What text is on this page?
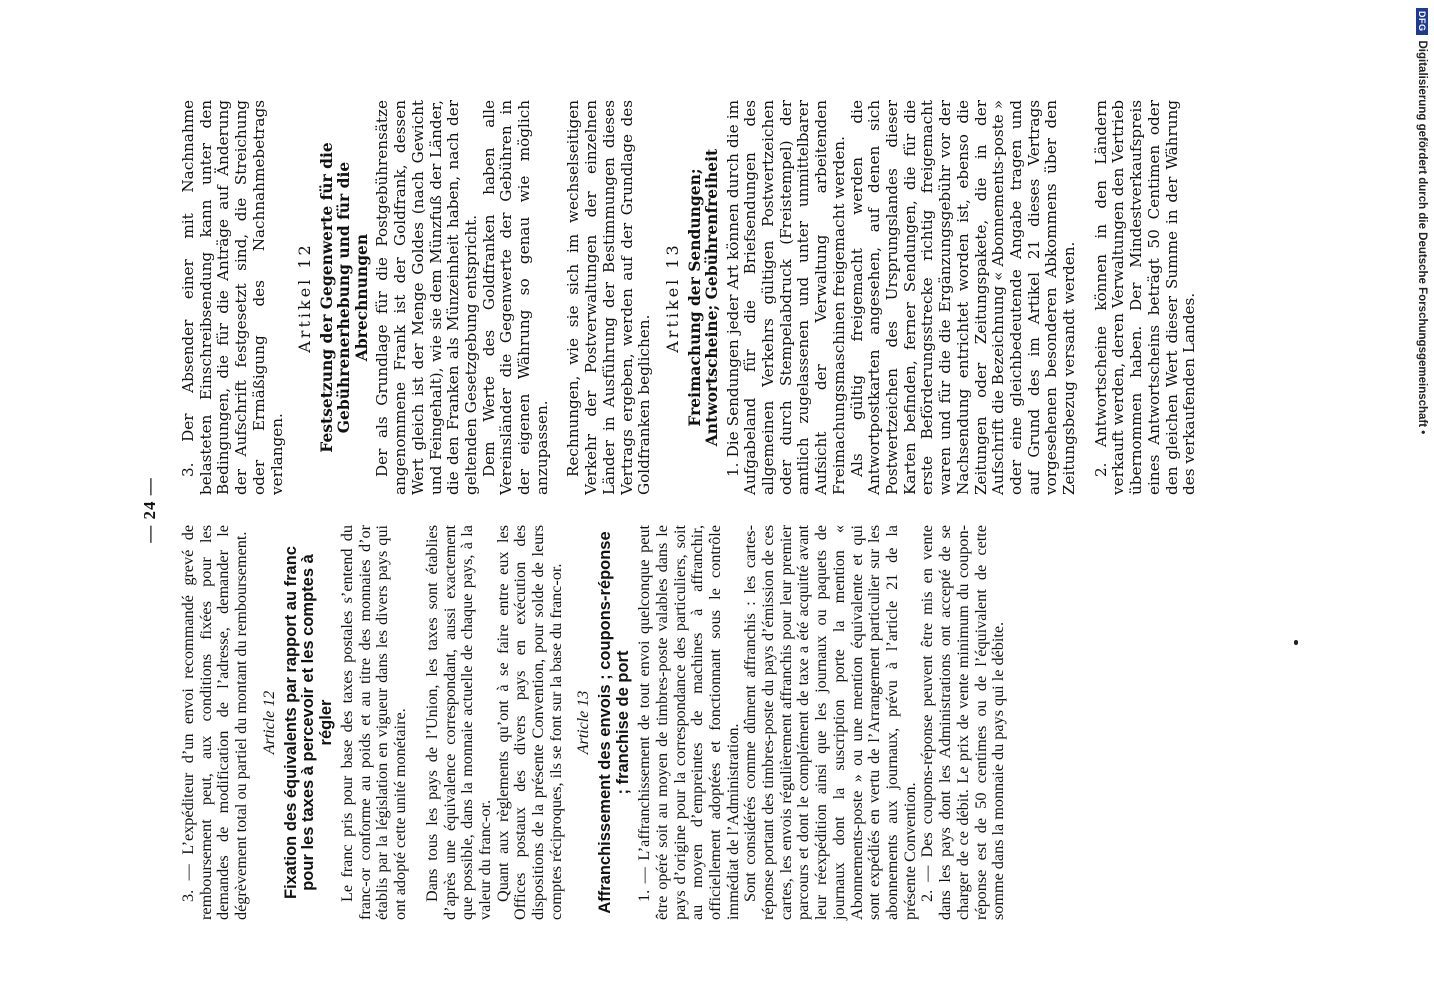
— 24 —

3. — L’expéditeur d’un envoi recommandé grevé de remboursement peut, aux conditions fixées pour les demandes de modification de l’adresse, demander le dégrèvement total ou partiel du montant du remboursement. Article 12 Fixation des équivalents par rapport au franc pour les taxes à percevoir et les comptes à régler Le franc pris pour base des taxes postales s’entend du franc-or conforme au poids et au titre des monnaies d’or établis par la législation en vigueur dans les divers pays qui ont adopté cette unité monétaire. Dans tous les pays de l’Union, les taxes sont établies d’après une équivalence correspondant, aussi exactement que possible, dans la monnaie actuelle de chaque pays, à la valeur du franc-or. Quant aux règlements qu’ont à se faire entre eux les Offices postaux des divers pays en exécution des dispositions de la présente Convention, pour solde de leurs comptes réciproques, ils se font sur la base du franc-or. Article 13 Affranchissement des envois ; coupons-réponse ; franchise de port 1. — L’affranchissement de tout envoi quelconque peut être opéré soit au moyen de timbres-poste valables dans le pays d’origine pour la correspondance des particuliers, soit au moyen d’empreintes de machines à affranchir, officiellement adoptées et fonctionnant sous le contrôle immédiat de l’Administration. Sont considérés comme dûment affranchis : les cartes-réponse portant des timbres-poste du pays d’émission de ces cartes, les envois régulièrement affranchis pour leur premier parcours et dont le complément de taxe a été acquitté avant leur réexpédition ainsi que les journaux ou paquets de journaux dont la suscription porte la mention « Abonnements-poste » ou une mention équivalente et qui sont expédiés en vertu de l’Arrangement particulier sur les abonnements aux journaux, prévu à l’article 21 de la présente Convention. 2. — Des coupons-réponse peuvent être mis en vente dans les pays dont les Administrations ont accepté de se charger de ce débit. Le prix de vente minimum du coupon-réponse est de 50 centimes ou de l’équivalent de cette somme dans la monnaie du pays qui le débite.

3. Der Absender einer mit Nachnahme belasteten Einschreibsendung kann unter den Bedingungen, die für die Anträge auf Änderung der Aufschrift festgesetzt sind, die Streichung oder Ermäßigung des Nachnahmebetrags verlangen.

Artikel 12 Festsetzung der Gegenwerte für die Gebührenerhebung und für die Abrechnungen Der als Grundlage für die Postgebührensätze angenommene Frank ist der Goldfrank, dessen Wert gleich ist der Menge Goldes (nach Gewicht und Feingehalt), wie sie dem Münzfuß der Länder, die den Franken als Münzeinheit haben, nach der geltenden Gesetzgebung entspricht. Dem Werte des Goldfranken haben alle Vereinsländer die Gegenwerte der Gebühren in der eigenen Währung so genau wie möglich anzupassen. Rechnungen, wie sie sich im wechselseitigen Verkehr der Postverwaltungen der einzelnen Länder in Ausführung der Bestimmungen dieses Vertrags ergeben, werden auf der Grundlage des Goldfranken beglichen.

Artikel 13 Freimachung der Sendungen; Antwortscheine; Gebührenfreiheit 1. Die Sendungen jeder Art können durch die im Aufgabeland für die Briefsendungen des allgemeinen Verkehrs gültigen Postwertzeichen oder durch Stempelabdruck (Freistempel) der amtlich zugelassenen und unter unmittelbarer Aufsicht der Verwaltung arbeitenden Freimachungsmaschinen freigemacht werden. Als gültig freigemacht werden die Antwortpostkarten angesehen, auf denen sich Postwertzeichen des Ursprungslandes dieser Karten befinden, ferner Sendungen, die für die erste Beförderungsstrecke richtig freigemacht waren und für die die Ergänzungsgebühr vor der Nachsendung entrichtet worden ist, ebenso die Zeitungen oder Zeitungspakete, die in der Aufschrift die Bezeichnung « Abonnements-poste » oder eine gleichbedeutende Angabe tragen und auf Grund des im Artikel 21 dieses Vertrags vorgesehenen besonderen Abkommens über den Zeitungsbezug versandt werden. 2. Antwortscheine können in den Ländern verkauft werden, deren Verwaltungen den Vertrieb übernommen haben. Der Mindestverkaufspreis eines Antwortscheins beträgt 50 Centimen oder den gleichen Wert dieser Summe in der Währung des verkaufenden Landes.

DFG
Digitalisierung gefördert durch die Deutsche Forschungsgemeinschaft •
